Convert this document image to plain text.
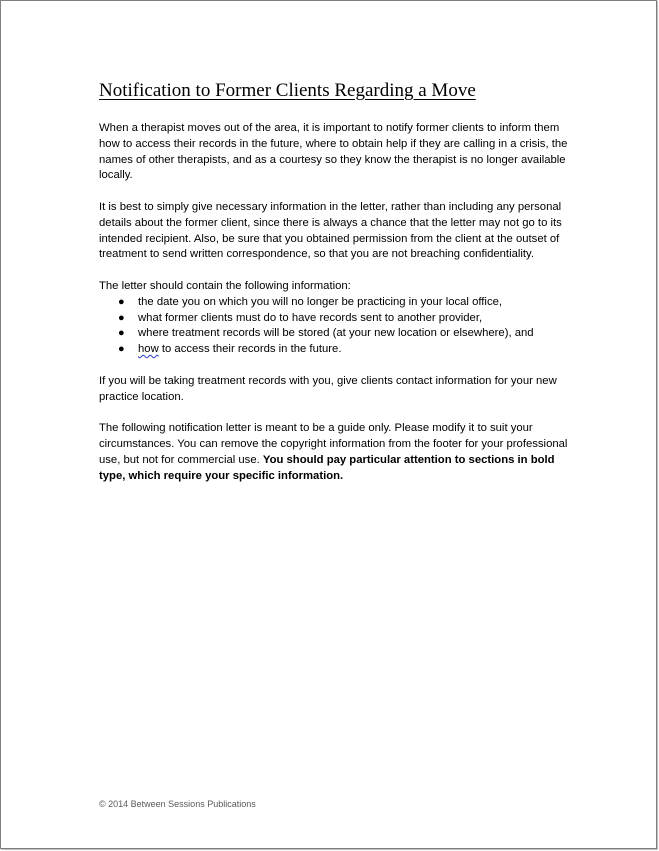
Notification to Former Clients Regarding a Move

When a therapist moves out of the area, it is important to notify former clients to inform them how to access their records in the future, where to obtain help if they are calling in a crisis, the names of other therapists, and as a courtesy so they know the therapist is no longer available locally.

It is best to simply give necessary information in the letter, rather than including any personal details about the former client, since there is always a chance that the letter may not go to its intended recipient. Also, be sure that you obtained permission from the client at the outset of treatment to send written correspondence, so that you are not breaching confidentiality.

The letter should contain the following information:

● the date you on which you will no longer be practicing in your local office,
● what former clients must do to have records sent to another provider,
● where treatment records will be stored (at your new location or elsewhere), and
● how to access their records in the future.

If you will be taking treatment records with you, give clients contact information for your new practice location.

The following notification letter is meant to be a guide only. Please modify it to suit your circumstances. You can remove the copyright information from the footer for your professional use, but not for commercial use. You should pay particular attention to sections in bold type, which require your specific information.

© 2014 Between Sessions Publications
